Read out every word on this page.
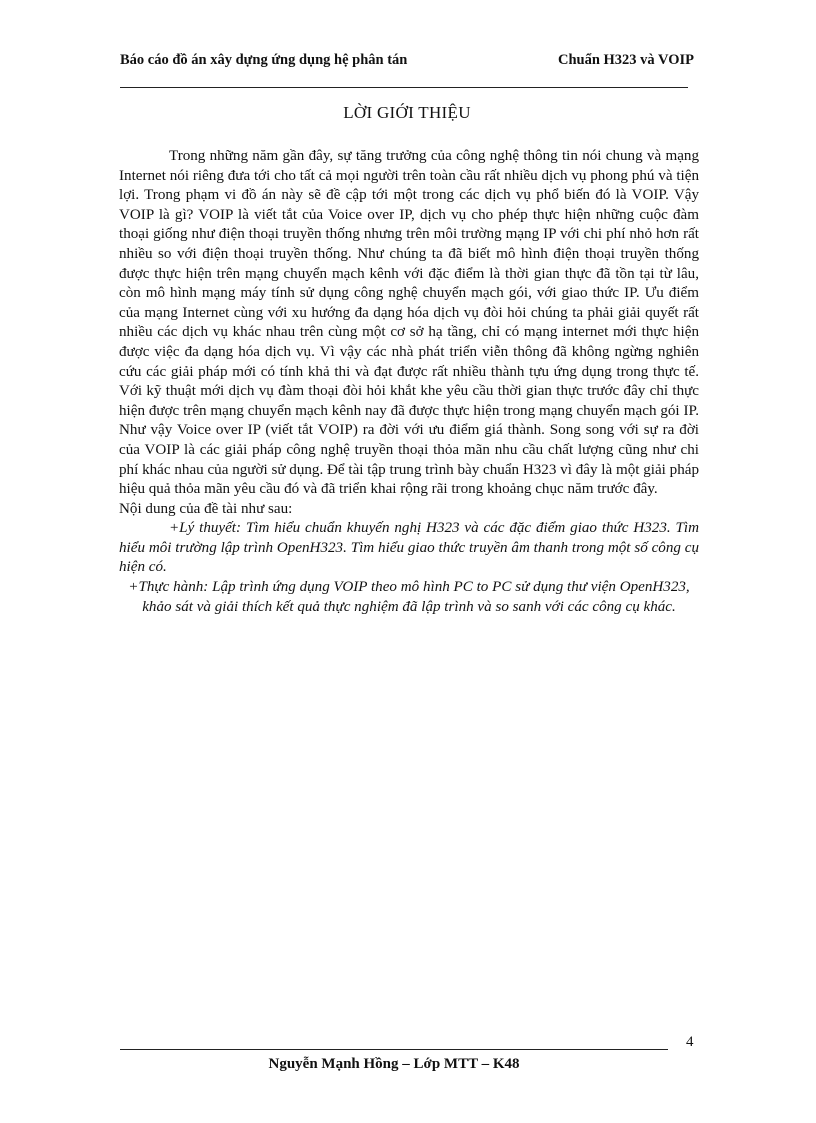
Báo cáo đồ án xây dựng ứng dụng hệ phân tán	Chuẩn H323 và VOIP
LỜI GIỚI THIỆU

Trong những năm gần đây, sự tăng trưởng của công nghệ thông tin nói chung và mạng Internet nói riêng đưa tới cho tất cả mọi người trên toàn cầu rất nhiều dịch vụ phong phú và tiện lợi. Trong phạm vi đồ án này sẽ đề cập tới một trong các dịch vụ phổ biến đó là VOIP. Vậy VOIP là gì? VOIP là viết tắt của Voice over IP, dịch vụ cho phép thực hiện những cuộc đàm thoại giống như điện thoại truyền thống nhưng trên môi trường mạng IP với chi phí nhỏ hơn rất nhiều so với điện thoại truyền thống. Như chúng ta đã biết mô hình điện thoại truyền thống được thực hiện trên mạng chuyển mạch kênh với đặc điểm là thời gian thực đã tồn tại từ lâu, còn mô hình mạng máy tính sử dụng công nghệ chuyển mạch gói, với giao thức IP. Ưu điểm của mạng Internet cùng với xu hướng đa dạng hóa dịch vụ đòi hỏi chúng ta phải giải quyết rất nhiều các dịch vụ khác nhau trên cùng một cơ sở hạ tầng, chỉ có mạng internet mới thực hiện được việc đa dạng hóa dịch vụ. Vì vậy các nhà phát triển viễn thông đã không ngừng nghiên cứu các giải pháp mới có tính khả thi và đạt được rất nhiều thành tựu ứng dụng trong thực tế. Với kỹ thuật mới dịch vụ đàm thoại đòi hỏi khắt khe yêu cầu thời gian thực trước đây chỉ thực hiện được trên mạng chuyển mạch kênh nay đã được thực hiện trong mạng chuyển mạch gói IP. Như vậy Voice over IP (viết tắt VOIP) ra đời với ưu điểm giá thành. Song song với sự ra đời của VOIP là các giải pháp công nghệ truyền thoại thỏa mãn nhu cầu chất lượng cũng như chi phí khác nhau của người sử dụng. Để tài tập trung trình bày chuẩn H323 vì đây là một giải pháp hiệu quả thỏa mãn yêu cầu đó và đã triển khai rộng rãi trong khoảng chục năm trước đây.

Nội dung của đề tài như sau:

+Lý thuyết: Tìm hiểu chuẩn khuyến nghị H323 và các đặc điểm giao thức H323. Tìm hiểu môi trường lập trình OpenH323. Tìm hiểu giao thức truyền âm thanh trong một số công cụ hiện có.

+Thực hành: Lập trình ứng dụng VOIP theo mô hình PC to PC sử dụng thư viện OpenH323, khảo sát và giải thích kết quả thực nghiệm đã lập trình và so sanh với các công cụ khác.

4
Nguyễn Mạnh Hồng – Lớp MTT – K48
